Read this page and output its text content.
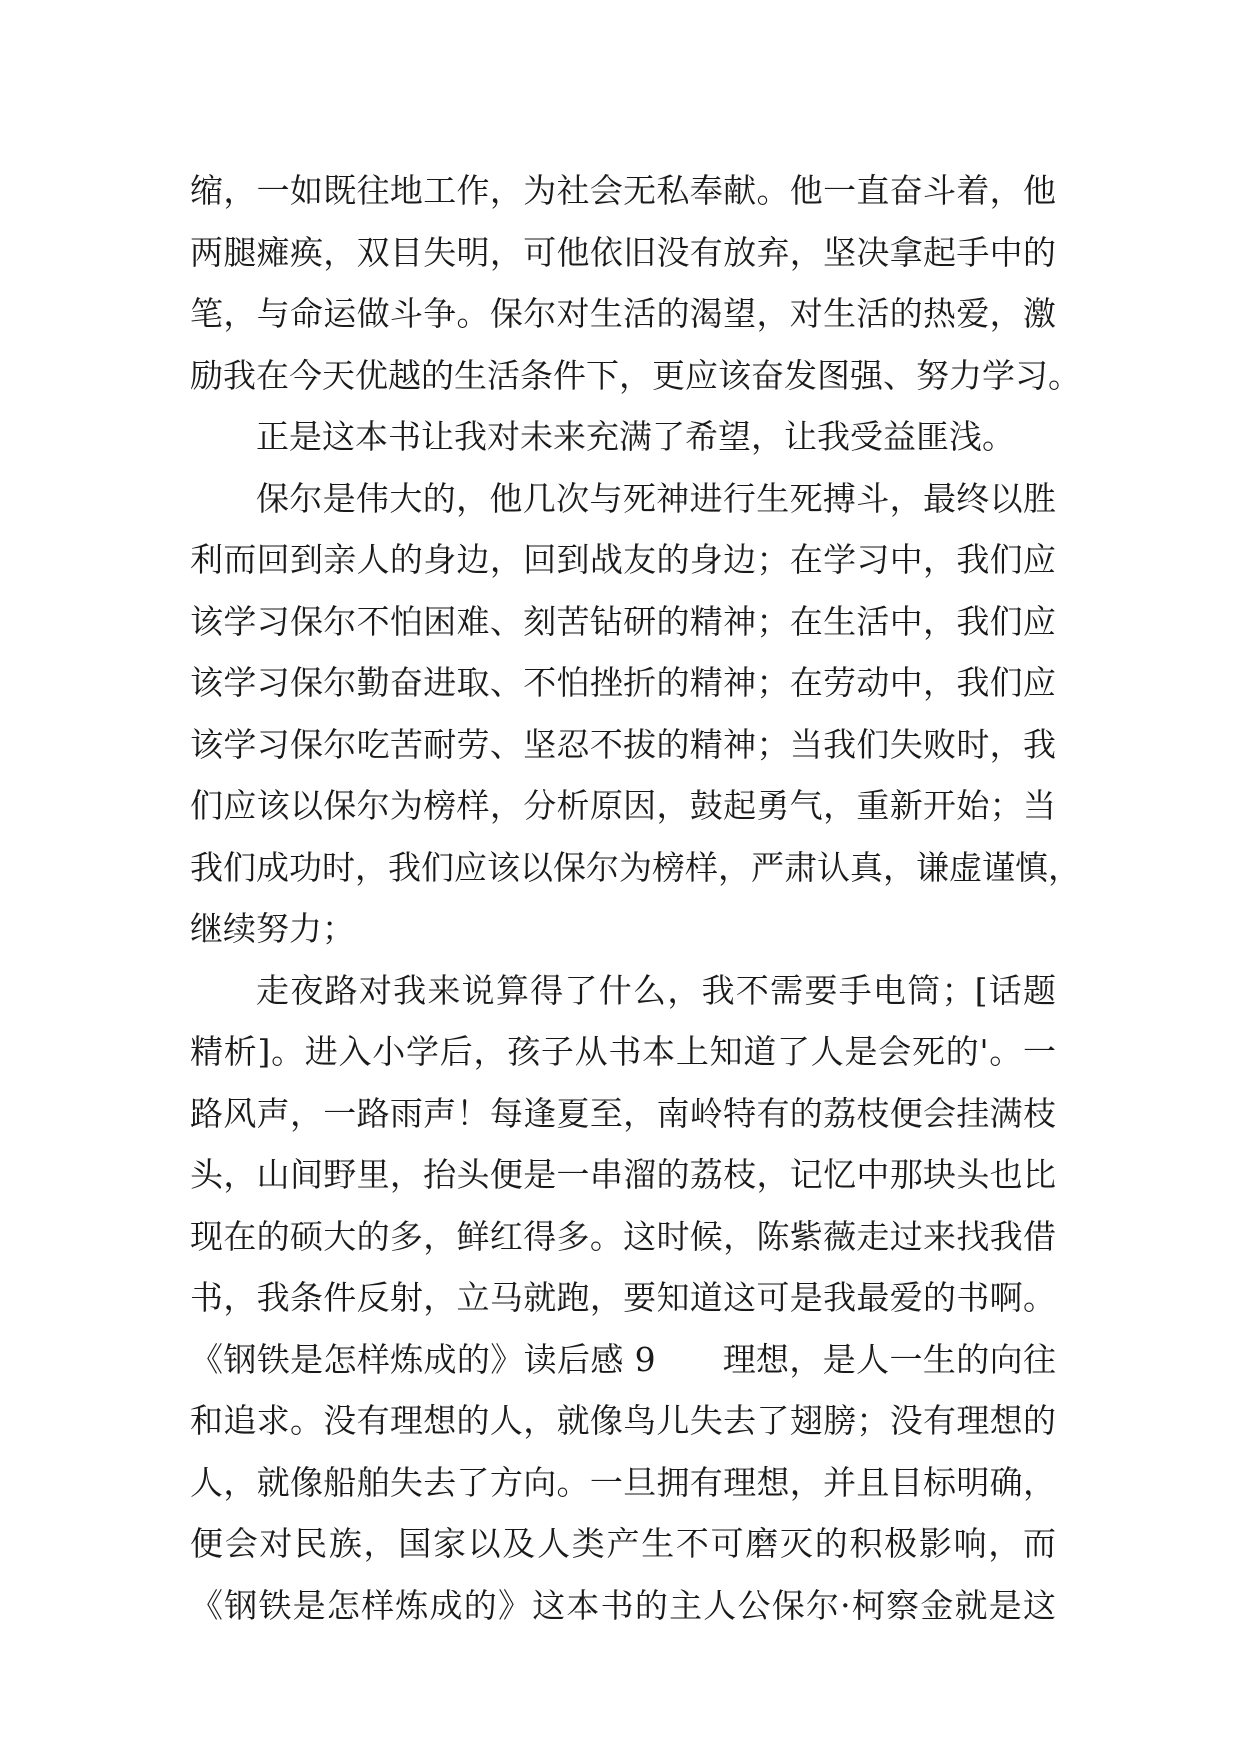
缩，一如既往地工作，为社会无私奉献。他一直奋斗着，他
两腿瘫痪，双目失明，可他依旧没有放弃，坚决拿起手中的
笔，与命运做斗争。保尔对生活的渴望，对生活的热爱，激
励我在今天优越的生活条件下，更应该奋发图强、努力学习。
正是这本书让我对未来充满了希望，让我受益匪浅。
保尔是伟大的，他几次与死神进行生死搏斗，最终以胜
利而回到亲人的身边，回到战友的身边；在学习中，我们应
该学习保尔不怕困难、刻苦钻研的精神；在生活中，我们应
该学习保尔勤奋进取、不怕挫折的精神；在劳动中，我们应
该学习保尔吃苦耐劳、坚忍不拔的精神；当我们失败时，我
们应该以保尔为榜样，分析原因，鼓起勇气，重新开始；当
我们成功时，我们应该以保尔为榜样，严肃认真，谦虚谨慎，
继续努力；
走夜路对我来说算得了什么，我不需要手电筒；[话题
精析]。进入小学后，孩子从书本上知道了人是会死的'。一
路风声，一路雨声！每逢夏至，南岭特有的荔枝便会挂满枝
头，山间野里，抬头便是一串溜的荔枝，记忆中那块头也比
现在的硕大的多，鲜红得多。这时候，陈紫薇走过来找我借
书，我条件反射，立马就跑，要知道这可是我最爱的书啊。
《钢铁是怎样炼成的》读后感 9　　理想，是人一生的向往
和追求。没有理想的人，就像鸟儿失去了翅膀；没有理想的
人，就像船舶失去了方向。一旦拥有理想，并且目标明确，
便会对民族，国家以及人类产生不可磨灭的积极影响，而
《钢铁是怎样炼成的》这本书的主人公保尔·柯察金就是这
